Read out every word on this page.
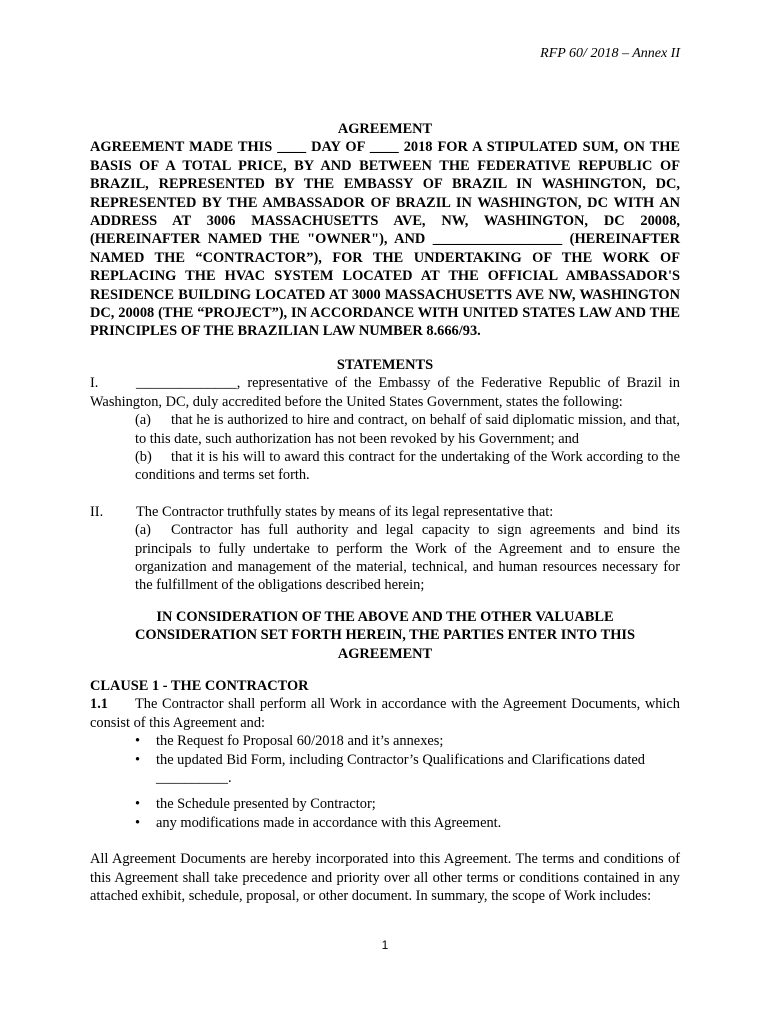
RFP 60/ 2018 – Annex II
AGREEMENT
AGREEMENT MADE THIS ____ DAY OF ____ 2018 FOR A STIPULATED SUM, ON THE BASIS OF A TOTAL PRICE, BY AND BETWEEN THE FEDERATIVE REPUBLIC OF BRAZIL, REPRESENTED BY THE EMBASSY OF BRAZIL IN WASHINGTON, DC, REPRESENTED BY THE AMBASSADOR OF BRAZIL IN WASHINGTON, DC WITH AN ADDRESS AT 3006 MASSACHUSETTS AVE, NW, WASHINGTON, DC 20008, (HEREINAFTER NAMED THE "OWNER"), AND __________________ (HEREINAFTER NAMED THE “CONTRACTOR”), FOR THE UNDERTAKING OF THE WORK OF REPLACING THE HVAC SYSTEM LOCATED AT THE OFFICIAL AMBASSADOR'S RESIDENCE BUILDING LOCATED AT 3000 MASSACHUSETTS AVE NW, WASHINGTON DC, 20008 (THE “PROJECT”), IN ACCORDANCE WITH UNITED STATES LAW AND THE PRINCIPLES OF THE BRAZILIAN LAW NUMBER 8.666/93.
STATEMENTS
I.	______________, representative of the Embassy of the Federative Republic of Brazil in Washington, DC, duly accredited before the United States Government, states the following:
(a) that he is authorized to hire and contract, on behalf of said diplomatic mission, and that, to this date, such authorization has not been revoked by his Government; and
(b) that it is his will to award this contract for the undertaking of the Work according to the conditions and terms set forth.
II. The Contractor truthfully states by means of its legal representative that:
(a) Contractor has full authority and legal capacity to sign agreements and bind its principals to fully undertake to perform the Work of the Agreement and to ensure the organization and management of the material, technical, and human resources necessary for the fulfillment of the obligations described herein;
IN CONSIDERATION OF THE ABOVE AND THE OTHER VALUABLE CONSIDERATION SET FORTH HEREIN, THE PARTIES ENTER INTO THIS AGREEMENT
CLAUSE 1 - THE CONTRACTOR
1.1 The Contractor shall perform all Work in accordance with the Agreement Documents, which consist of this Agreement and:
• the Request fo Proposal 60/2018 and it’s annexes;
• the updated Bid Form, including Contractor’s Qualifications and Clarifications dated __________.
• the Schedule presented by Contractor;
• any modifications made in accordance with this Agreement.
All Agreement Documents are hereby incorporated into this Agreement. The terms and conditions of this Agreement shall take precedence and priority over all other terms or conditions contained in any attached exhibit, schedule, proposal, or other document. In summary, the scope of Work includes:
1
